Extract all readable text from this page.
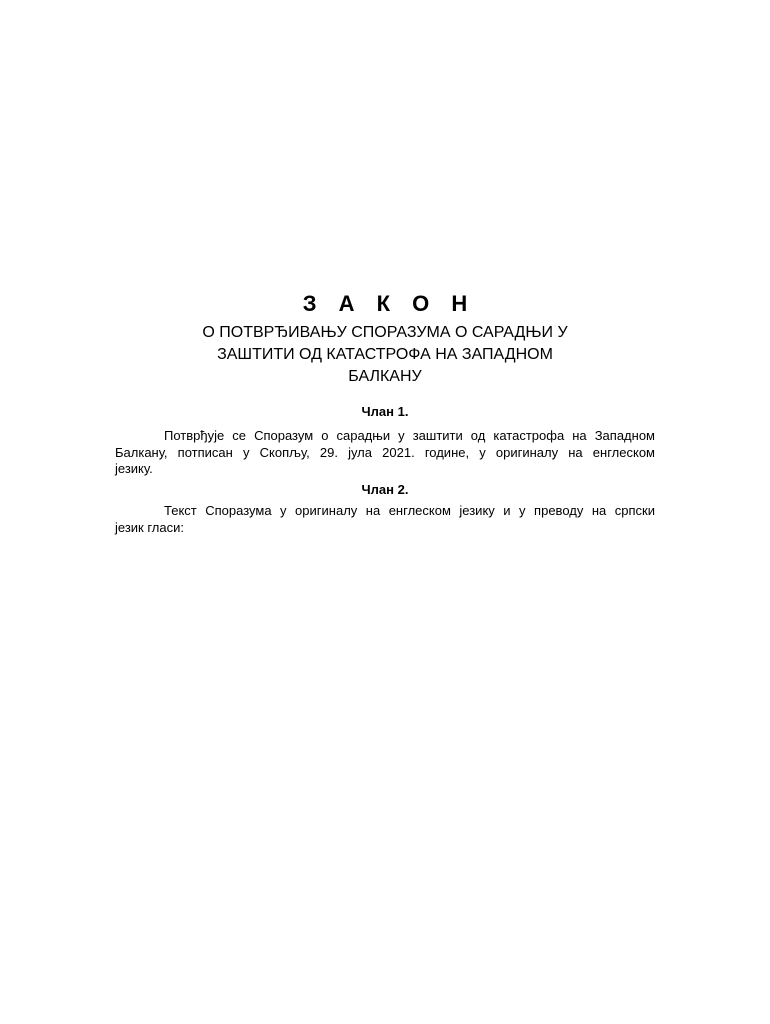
З А К О Н
О ПОТВРЂИВАЊУ СПОРАЗУМА О САРАДЊИ У
ЗАШТИТИ ОД КАТАСТРОФА НА ЗАПАДНОМ
БАЛКАНУ
Члан 1.
Потврђује се Споразум о сарадњи у заштити од катастрофа на Западном
Балкану, потписан у Скопљу, 29. јула 2021. године, у оригиналу на енглеском
језику.
Члан 2.
Текст Споразума у оригиналу на енглеском језику и у преводу на српски
језик гласи:
